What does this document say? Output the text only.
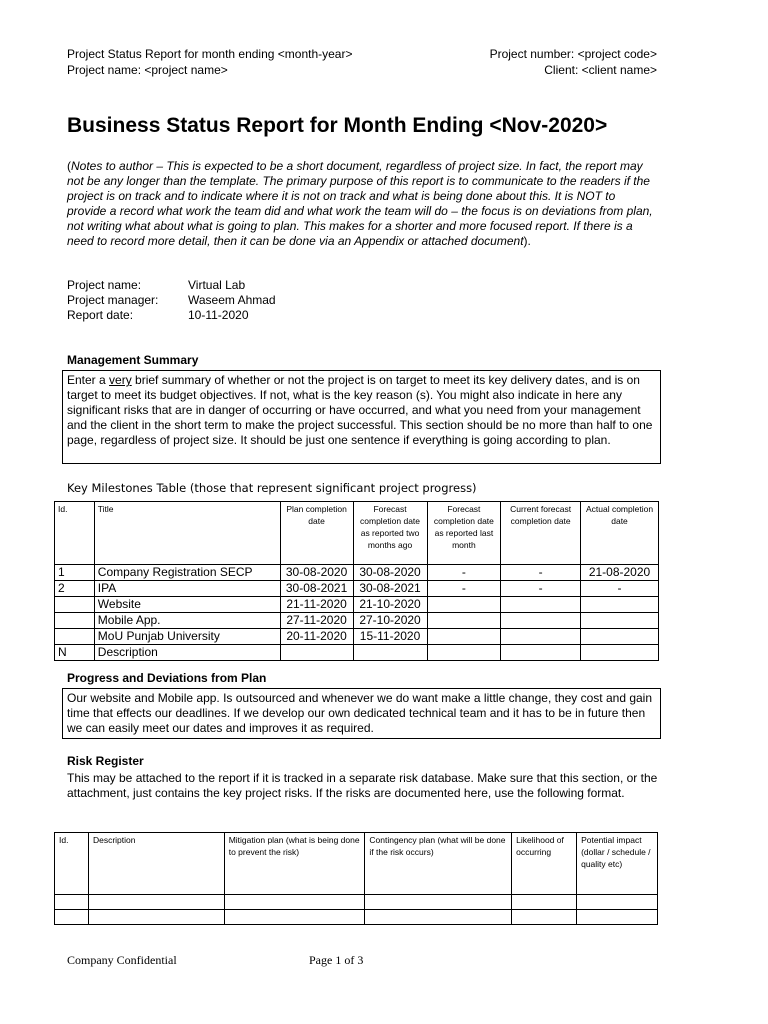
Project Status Report for month ending <month-year>	Project number: <project code>
Project name: <project name>	Client: <client name>
Business Status Report for Month Ending <Nov-2020>
(Notes to author – This is expected to be a short document, regardless of project size. In fact, the report may not be any longer than the template. The primary purpose of this report is to communicate to the readers if the project is on track and to indicate where it is not on track and what is being done about this. It is NOT to provide a record what work the team did and what work the team will do – the focus is on deviations from plan, not writing what about what is going to plan. This makes for a shorter and more focused report. If there is a need to record more detail, then it can be done via an Appendix or attached document).
Project name:	Virtual Lab
Project manager:	Waseem Ahmad
Report date:	10-11-2020
Management Summary
Enter a very brief summary of whether or not the project is on target to meet its key delivery dates, and is on target to meet its budget objectives. If not, what is the key reason (s). You might also indicate in here any significant risks that are in danger of occurring or have occurred, and what you need from your management and the client in the short term to make the project successful. This section should be no more than half to one page, regardless of project size. It should be just one sentence if everything is going according to plan.
Key Milestones Table (those that represent significant project progress)
Id.	Title	Plan completion date	Forecast completion date as reported two months ago	Forecast completion date as reported last month	Current forecast completion date	Actual completion date
1	Company Registration SECP	30-08-2020	30-08-2020	-	-	21-08-2020
2	IPA	30-08-2021	30-08-2021	-	-	-
	Website	21-11-2020	21-10-2020			
	Mobile App.	27-11-2020	27-10-2020			
	MoU Punjab University	20-11-2020	15-11-2020			
N	Description					
Progress and Deviations from Plan
Our website and Mobile app. Is outsourced and whenever we do want make a little change, they cost and gain time that effects our deadlines. If we develop our own dedicated technical team and it has to be in future then we can easily meet our dates and improves it as required.
Risk Register
This may be attached to the report if it is tracked in a separate risk database. Make sure that this section, or the attachment, just contains the key project risks. If the risks are documented here, use the following format.
Id.	Description	Mitigation plan (what is being done to prevent the risk)	Contingency plan (what will be done if the risk occurs)	Likelihood of occurring	Potential impact (dollar / schedule / quality etc)

Company Confidential	Page 1 of 3
